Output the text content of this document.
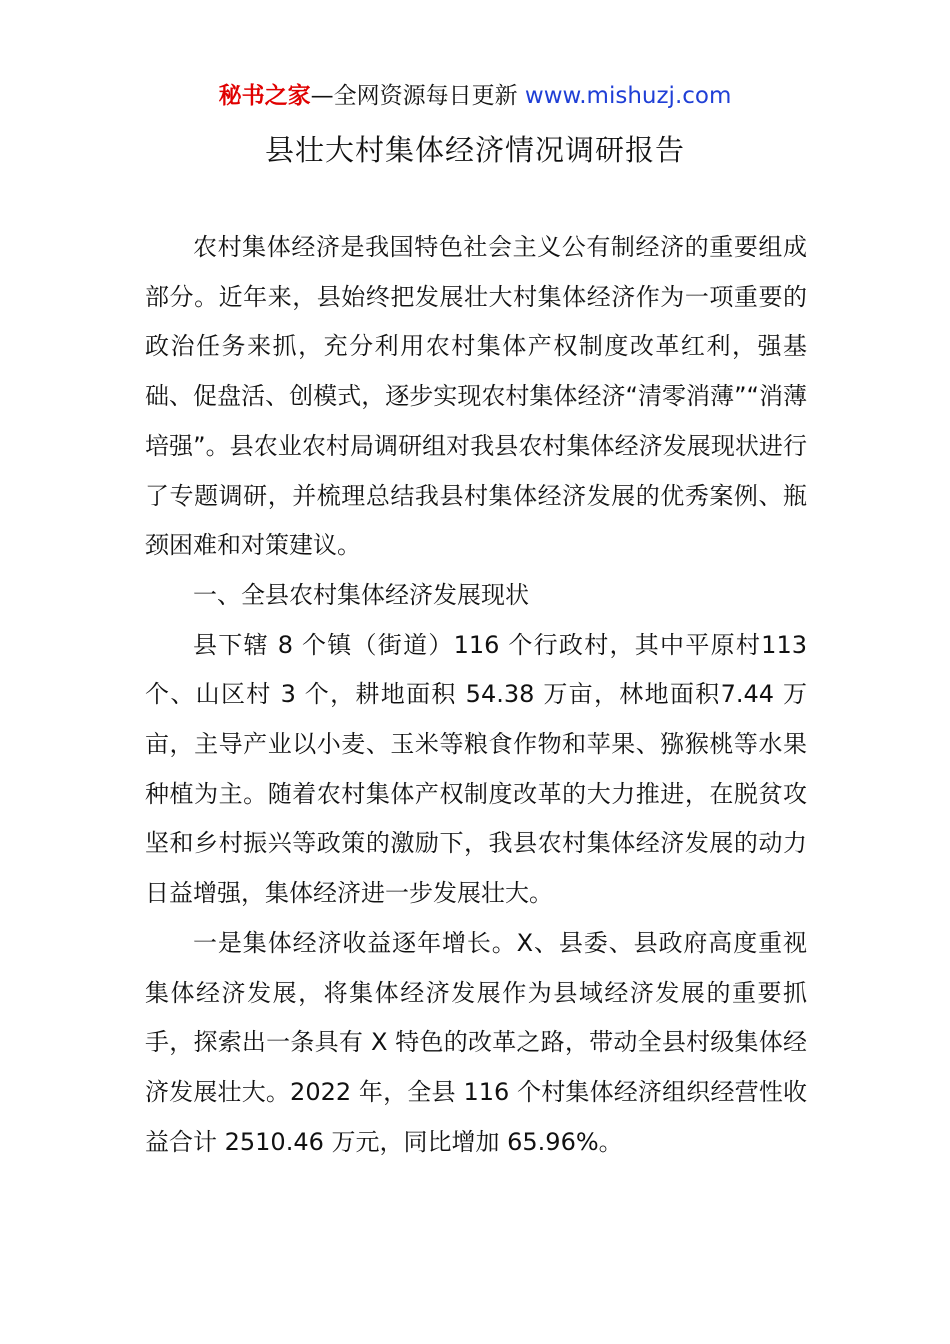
秘书之家—全网资源每日更新 www.mishuzj.com
县壮大村集体经济情况调研报告

农村集体经济是我国特色社会主义公有制经济的重要组成部分。近年来，县始终把发展壮大村集体经济作为一项重要的政治任务来抓，充分利用农村集体产权制度改革红利，强基础、促盘活、创模式，逐步实现农村集体经济“清零消薄”“消薄培强”。县农业农村局调研组对我县农村集体经济发展现状进行了专题调研，并梳理总结我县村集体经济发展的优秀案例、瓶颈困难和对策建议。

一、全县农村集体经济发展现状

县下辖 8 个镇（街道）116 个行政村，其中平原村113 个、山区村 3 个，耕地面积 54.38 万亩，林地面积7.44 万亩，主导产业以小麦、玉米等粮食作物和苹果、猕猴桃等水果种植为主。随着农村集体产权制度改革的大力推进，在脱贫攻坚和乡村振兴等政策的激励下，我县农村集体经济发展的动力日益增强，集体经济进一步发展壮大。

一是集体经济收益逐年增长。X、县委、县政府高度重视集体经济发展，将集体经济发展作为县域经济发展的重要抓手，探索出一条具有 X 特色的改革之路，带动全县村级集体经济发展壮大。2022 年，全县 116 个村集体经济组织经营性收益合计 2510.46 万元，同比增加 65.96%。
